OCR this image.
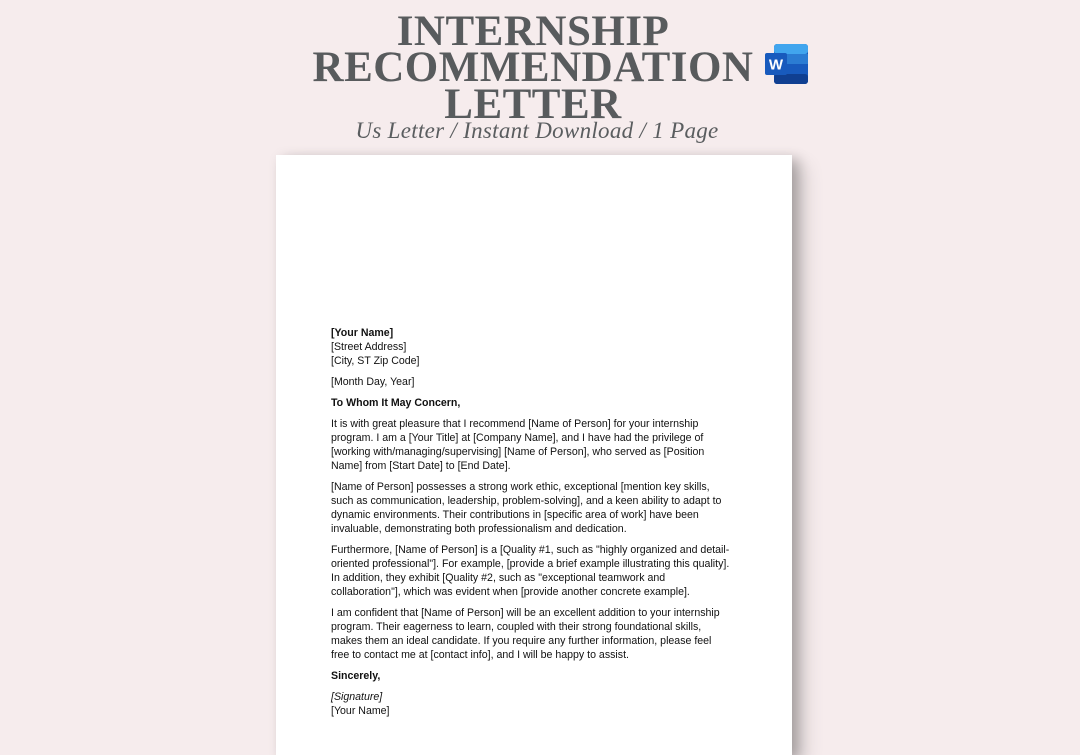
INTERNSHIP
RECOMMENDATION
LETTER
Us Letter / Instant Download / 1 Page
W
[Your Name]
[Street Address]
[City, ST Zip Code]
[Month Day, Year]
To Whom It May Concern,
It is with great pleasure that I recommend [Name of Person] for your internship
program. I am a [Your Title] at [Company Name], and I have had the privilege of
[working with/managing/supervising] [Name of Person], who served as [Position
Name] from [Start Date] to [End Date].
[Name of Person] possesses a strong work ethic, exceptional [mention key skills,
such as communication, leadership, problem-solving], and a keen ability to adapt to
dynamic environments. Their contributions in [specific area of work] have been
invaluable, demonstrating both professionalism and dedication.
Furthermore, [Name of Person] is a [Quality #1, such as "highly organized and detail-
oriented professional"]. For example, [provide a brief example illustrating this quality].
In addition, they exhibit [Quality #2, such as "exceptional teamwork and
collaboration"], which was evident when [provide another concrete example].
I am confident that [Name of Person] will be an excellent addition to your internship
program. Their eagerness to learn, coupled with their strong foundational skills,
makes them an ideal candidate. If you require any further information, please feel
free to contact me at [contact info], and I will be happy to assist.
Sincerely,
[Signature]
[Your Name]
